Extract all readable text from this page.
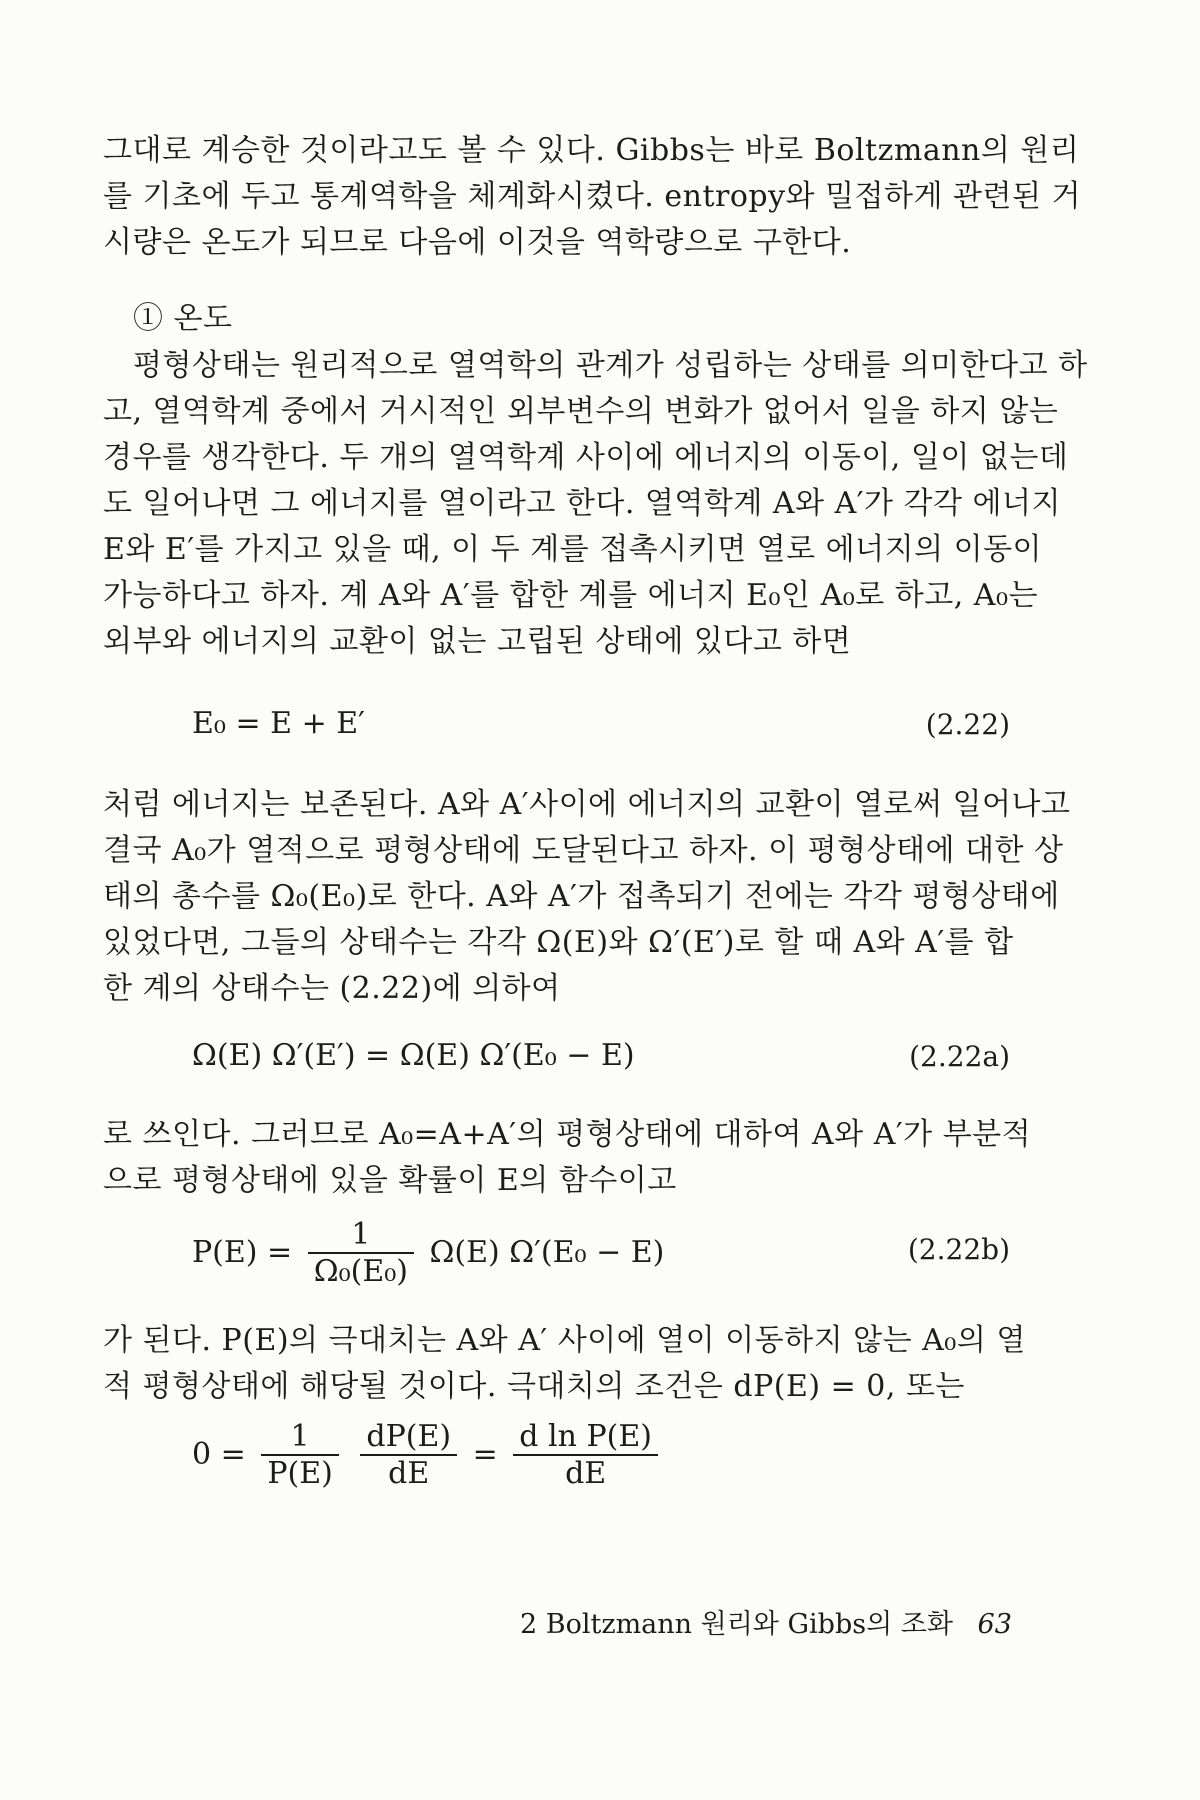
그대로 계승한 것이라고도 볼 수 있다. Gibbs는 바로 Boltzmann의 원리
를 기초에 두고 통계역학을 체계화시켰다. entropy와 밀접하게 관련된 거
시량은 온도가 되므로 다음에 이것을 역학량으로 구한다.
① 온도
평형상태는 원리적으로 열역학의 관계가 성립하는 상태를 의미한다고 하
고, 열역학계 중에서 거시적인 외부변수의 변화가 없어서 일을 하지 않는
경우를 생각한다. 두 개의 열역학계 사이에 에너지의 이동이, 일이 없는데
도 일어나면 그 에너지를 열이라고 한다. 열역학계 A와 A′가 각각 에너지
E와 E′를 가지고 있을 때, 이 두 계를 접촉시키면 열로 에너지의 이동이
가능하다고 하자. 계 A와 A′를 합한 계를 에너지 E₀인 A₀로 하고, A₀는
외부와 에너지의 교환이 없는 고립된 상태에 있다고 하면
E₀ = E + E′	(2.22)
처럼 에너지는 보존된다. A와 A′사이에 에너지의 교환이 열로써 일어나고
결국 A₀가 열적으로 평형상태에 도달된다고 하자. 이 평형상태에 대한 상
태의 총수를 Ω₀(E₀)로 한다. A와 A′가 접촉되기 전에는 각각 평형상태에
있었다면, 그들의 상태수는 각각 Ω(E)와 Ω′(E′)로 할 때 A와 A′를 합
한 계의 상태수는 (2.22)에 의하여
Ω(E) Ω′(E′) = Ω(E) Ω′(E₀ − E)	(2.22a)
로 쓰인다. 그러므로 A₀=A+A′의 평형상태에 대하여 A와 A′가 부분적
으로 평형상태에 있을 확률이 E의 함수이고
$P(E) = \frac{1}{\text{Ω₀(E₀)}} \Omega(E) \Omega'(E_0 - E)$	(2.22b)
가 된다. P(E)의 극대치는 A와 A′ 사이에 열이 이동하지 않는 A₀의 열
적 평형상태에 해당될 것이다. 극대치의 조건은 dP(E) = 0, 또는
$0 = \frac{1}{P(E)}$
$\frac{dP(E)}{dE} = \frac{\text{d ln P(E)}}{dE}$
2 Boltzmann 원리와 Gibbs의 조화 63
